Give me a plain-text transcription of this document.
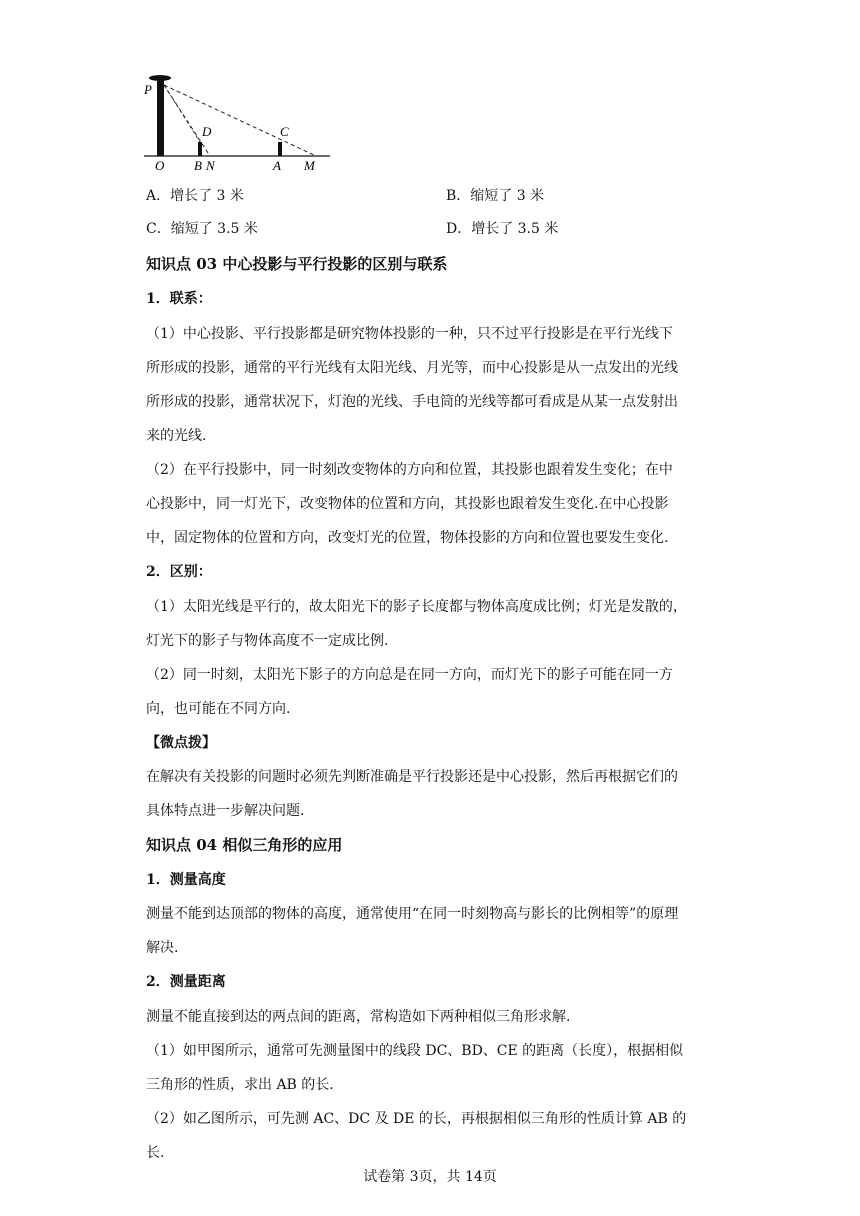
P
D	C
O B N	A M
A．增长了 3 米	B．缩短了 3 米
C．缩短了 3.5 米	D．增长了 3.5 米
知识点 03 中心投影与平行投影的区别与联系
1．联系：
（1）中心投影、平行投影都是研究物体投影的一种，只不过平行投影是在平行光线下
所形成的投影，通常的平行光线有太阳光线、月光等，而中心投影是从一点发出的光线
所形成的投影，通常状况下，灯泡的光线、手电筒的光线等都可看成是从某一点发射出
来的光线.
（2）在平行投影中，同一时刻改变物体的方向和位置，其投影也跟着发生变化；在中
心投影中，同一灯光下，改变物体的位置和方向，其投影也跟着发生变化.在中心投影
中，固定物体的位置和方向，改变灯光的位置，物体投影的方向和位置也要发生变化.
2．区别：
（1）太阳光线是平行的，故太阳光下的影子长度都与物体高度成比例；灯光是发散的，
灯光下的影子与物体高度不一定成比例.
（2）同一时刻，太阳光下影子的方向总是在同一方向，而灯光下的影子可能在同一方
向，也可能在不同方向.
【微点拨】
在解决有关投影的问题时必须先判断准确是平行投影还是中心投影，然后再根据它们的
具体特点进一步解决问题.
知识点 04 相似三角形的应用
1．测量高度
测量不能到达顶部的物体的高度，通常使用“在同一时刻物高与影长的比例相等”的原理
解决.
2．测量距离
测量不能直接到达的两点间的距离，常构造如下两种相似三角形求解.
（1）如甲图所示，通常可先测量图中的线段 DC、BD、CE 的距离（长度），根据相似
三角形的性质，求出 AB 的长.
（2）如乙图所示，可先测 AC、DC 及 DE 的长，再根据相似三角形的性质计算 AB 的
长.
试卷第 3页，共 14页
